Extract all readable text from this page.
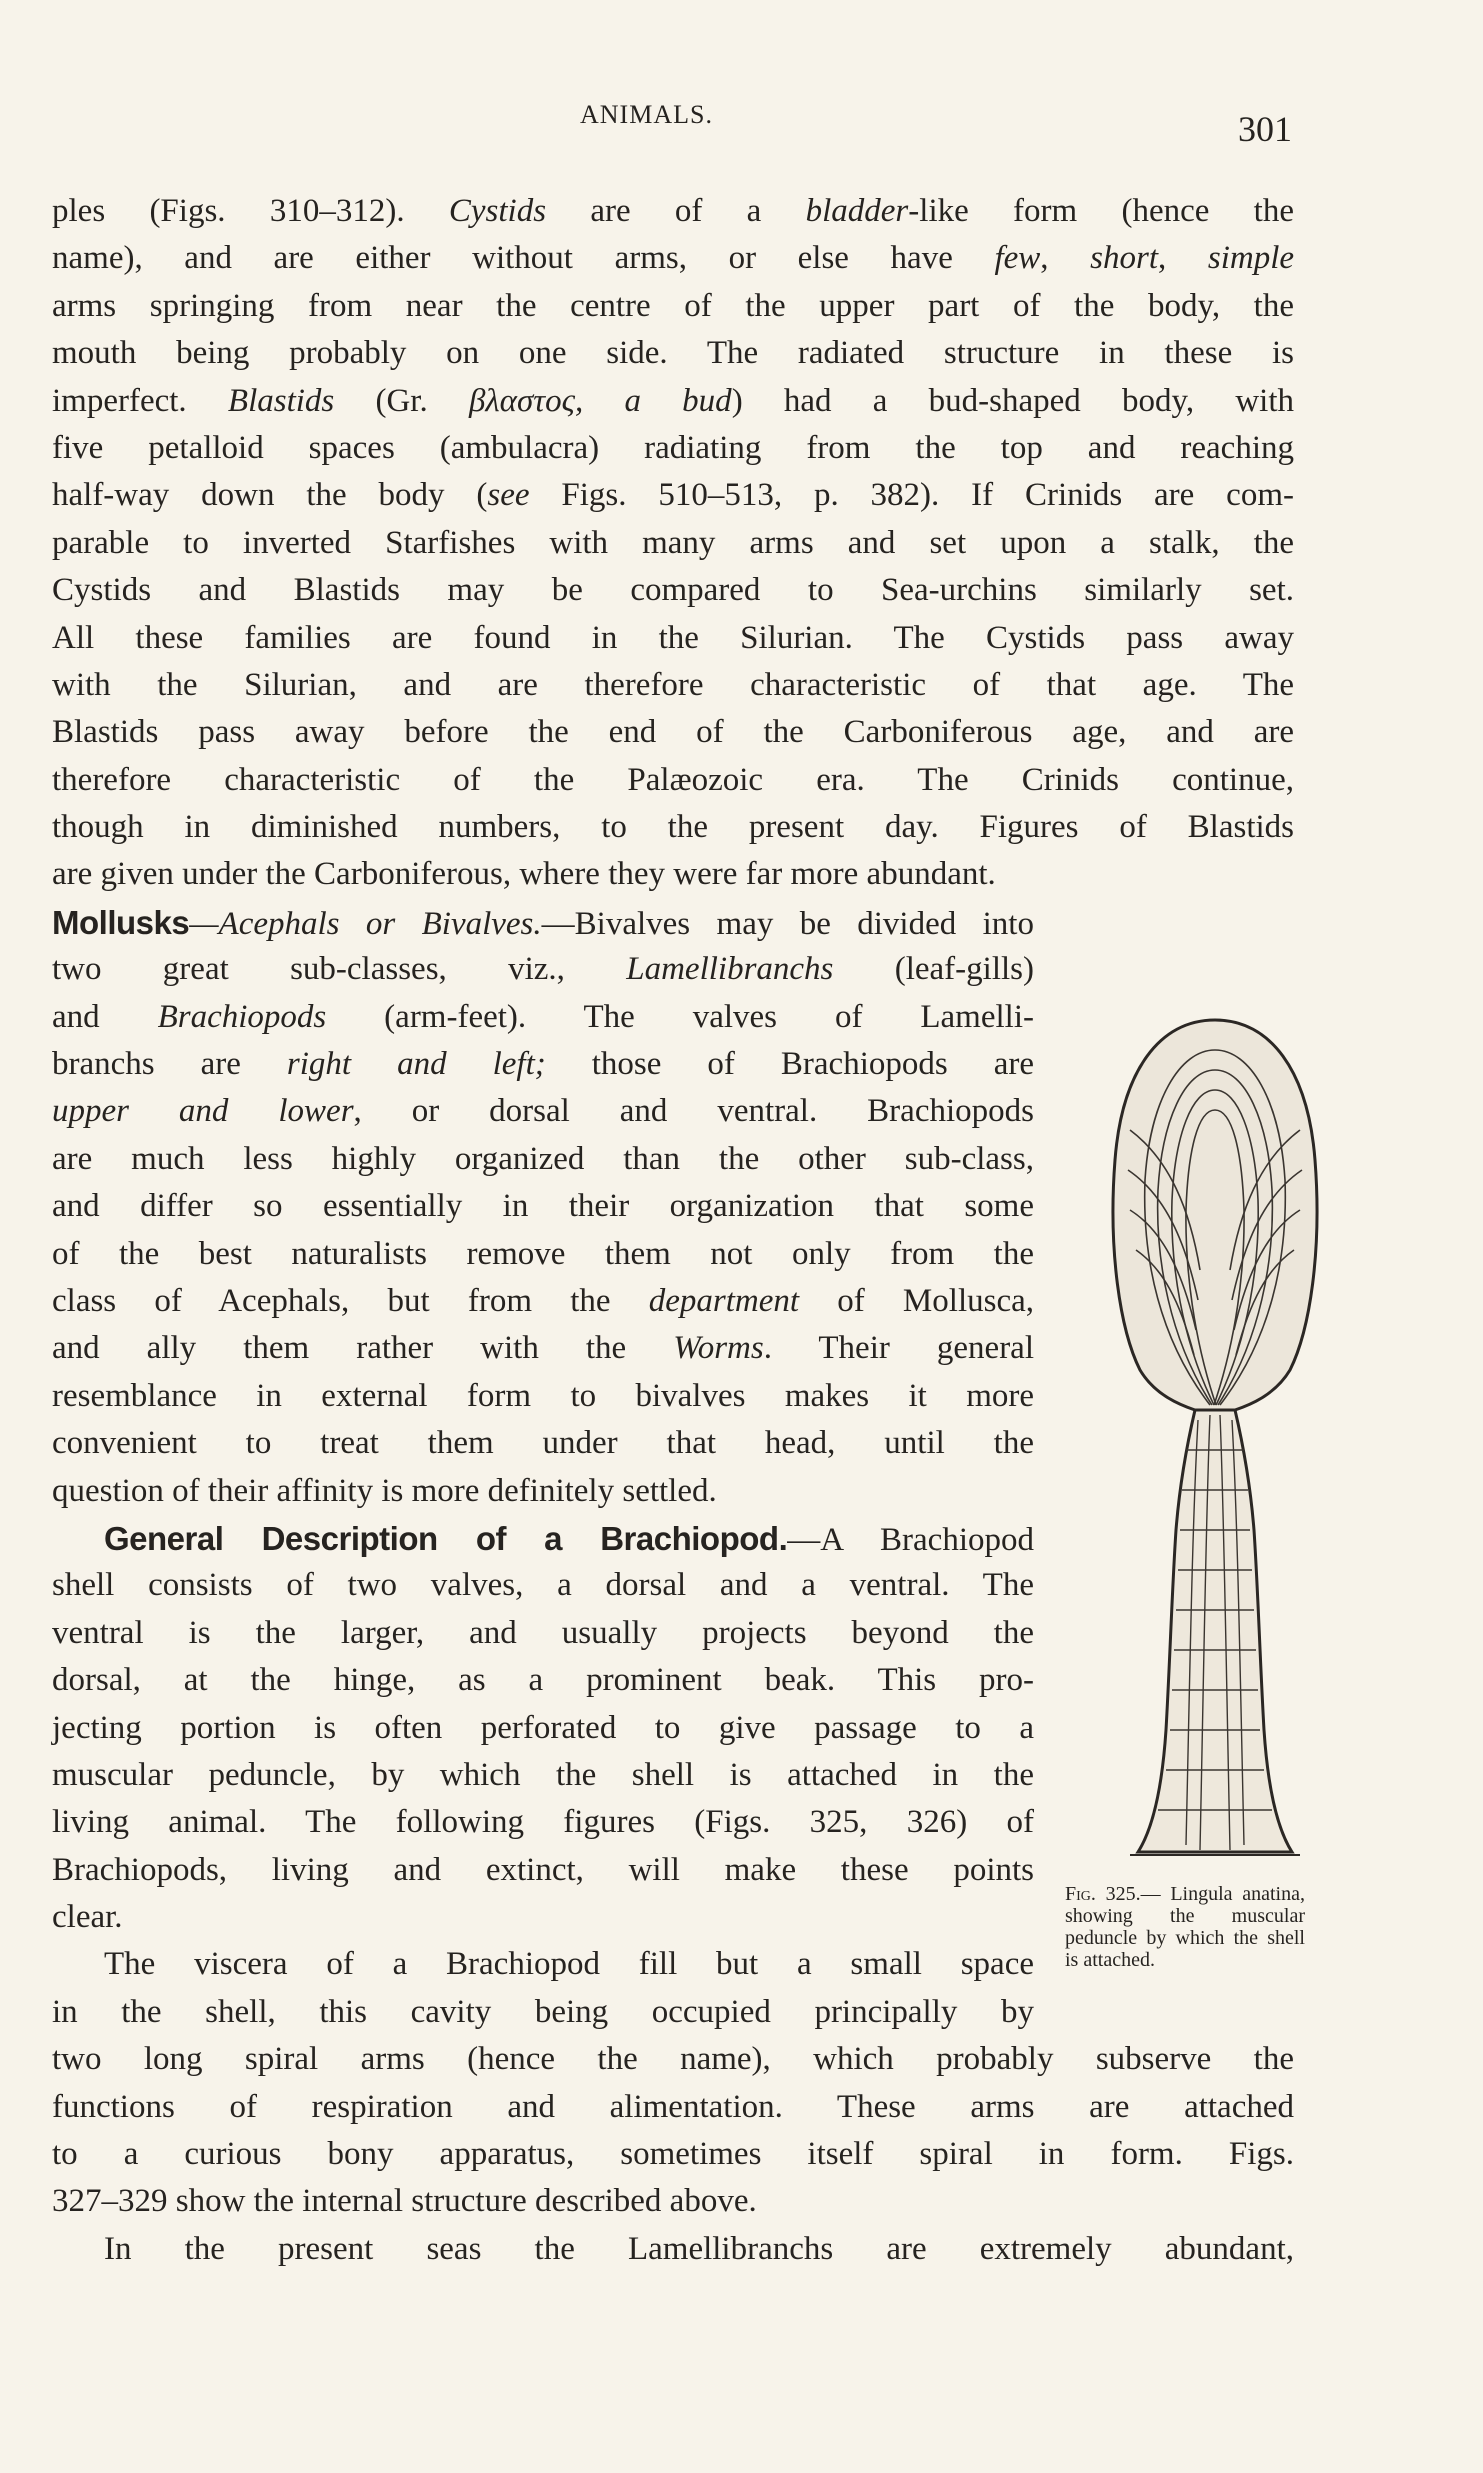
ANIMALS.	301
ples (Figs. 310–312). Cystids are of a bladder-like form (hence the
name), and are either without arms, or else have few, short, simple
arms springing from near the centre of the upper part of the body, the
mouth being probably on one side. The radiated structure in these is
imperfect. Blastids (Gr. βλαστος, a bud) had a bud-shaped body, with
five petalloid spaces (ambulacra) radiating from the top and reaching
half-way down the body (see Figs. 510–513, p. 382). If Crinids are com-
parable to inverted Starfishes with many arms and set upon a stalk, the
Cystids and Blastids may be compared to Sea-urchins similarly set.
All these families are found in the Silurian. The Cystids pass away
with the Silurian, and are therefore characteristic of that age. The
Blastids pass away before the end of the Carboniferous age, and are
therefore characteristic of the Palæozoic era. The Crinids continue,
though in diminished numbers, to the present day. Figures of Blastids
are given under the Carboniferous, where they were far more abundant.
Mollusks—Acephals or Bivalves.—Bivalves may be divided into
two great sub-classes, viz., Lamellibranchs (leaf-gills)
and Brachiopods (arm-feet). The valves of Lamelli-
branchs are right and left; those of Brachiopods are
upper and lower, or dorsal and ventral. Brachiopods
are much less highly organized than the other sub-class,
and differ so essentially in their organization that some
of the best naturalists remove them not only from the
class of Acephals, but from the department of Mollusca,
and ally them rather with the Worms. Their general
resemblance in external form to bivalves makes it more
convenient to treat them under that head, until the
question of their affinity is more definitely settled.
General Description of a Brachiopod.—A Brachiopod
shell consists of two valves, a dorsal and a ventral. The
ventral is the larger, and usually projects beyond the
dorsal, at the hinge, as a prominent beak. This pro-
jecting portion is often perforated to give passage to a
muscular peduncle, by which the shell is attached in the
living animal. The following figures (Figs. 325, 326) of
Brachiopods, living and extinct, will make these points
clear.
The viscera of a Brachiopod fill but a small space
in the shell, this cavity being occupied principally by
two long spiral arms (hence the name), which probably subserve the
functions of respiration and alimentation. These arms are attached
to a curious bony apparatus, sometimes itself spiral in form. Figs.
327–329 show the internal structure described above.
In the present seas the Lamellibranchs are extremely abundant,
Fig. 325.— Lingula anatina, showing the muscular peduncle by which the shell is attached.
